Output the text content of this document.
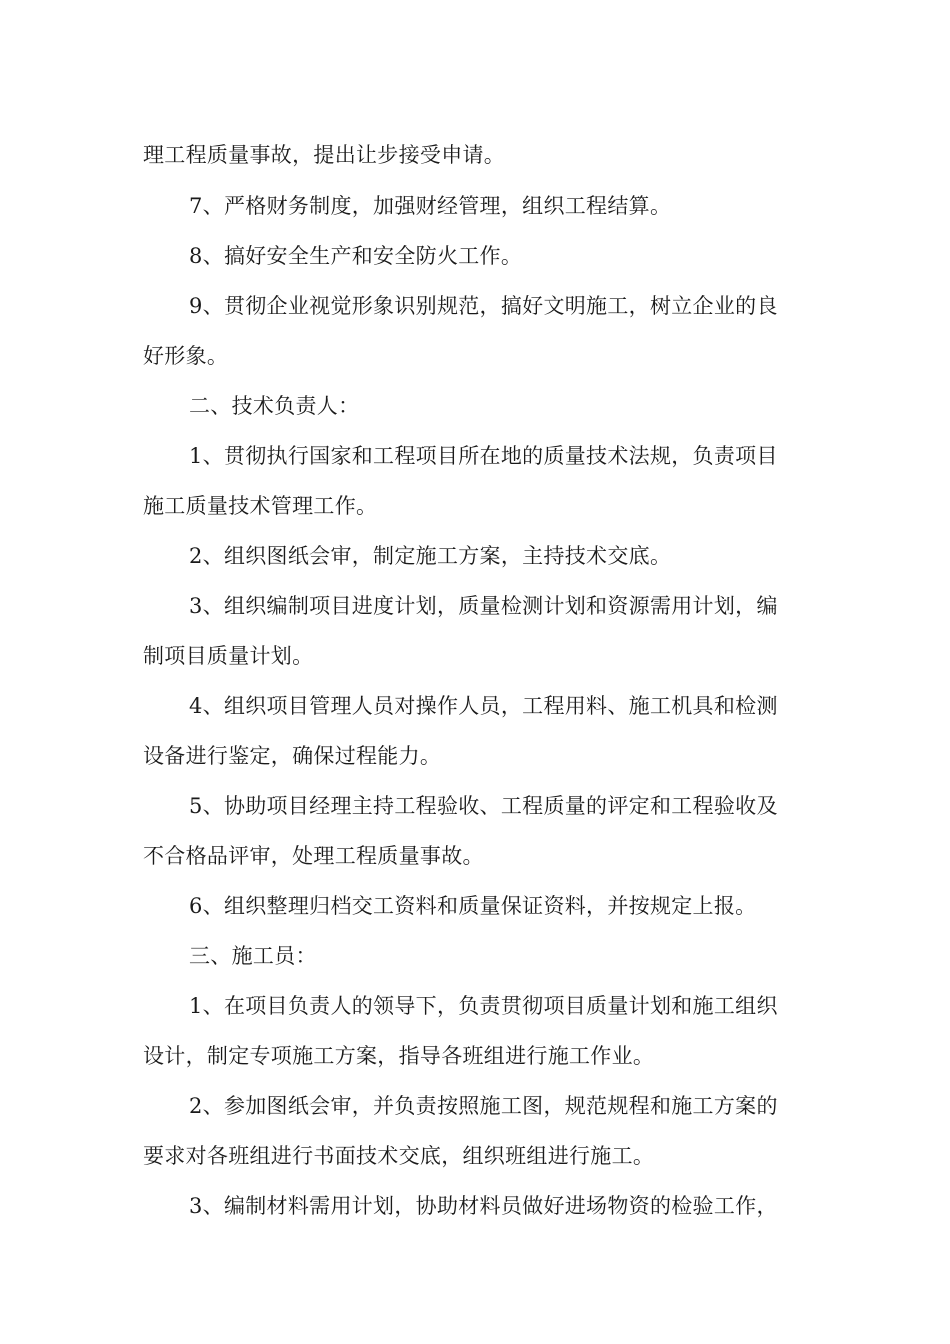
理工程质量事故，提出让步接受申请。
7、严格财务制度，加强财经管理，组织工程结算。
8、搞好安全生产和安全防火工作。
9、贯彻企业视觉形象识别规范，搞好文明施工，树立企业的良
好形象。
二、技术负责人：
1、贯彻执行国家和工程项目所在地的质量技术法规，负责项目
施工质量技术管理工作。
2、组织图纸会审，制定施工方案，主持技术交底。
3、组织编制项目进度计划，质量检测计划和资源需用计划，编
制项目质量计划。
4、组织项目管理人员对操作人员，工程用料、施工机具和检测
设备进行鉴定，确保过程能力。
5、协助项目经理主持工程验收、工程质量的评定和工程验收及
不合格品评审，处理工程质量事故。
6、组织整理归档交工资料和质量保证资料，并按规定上报。
三、施工员：
1、在项目负责人的领导下，负责贯彻项目质量计划和施工组织
设计，制定专项施工方案，指导各班组进行施工作业。
2、参加图纸会审，并负责按照施工图，规范规程和施工方案的
要求对各班组进行书面技术交底，组织班组进行施工。
3、编制材料需用计划，协助材料员做好进场物资的检验工作，
